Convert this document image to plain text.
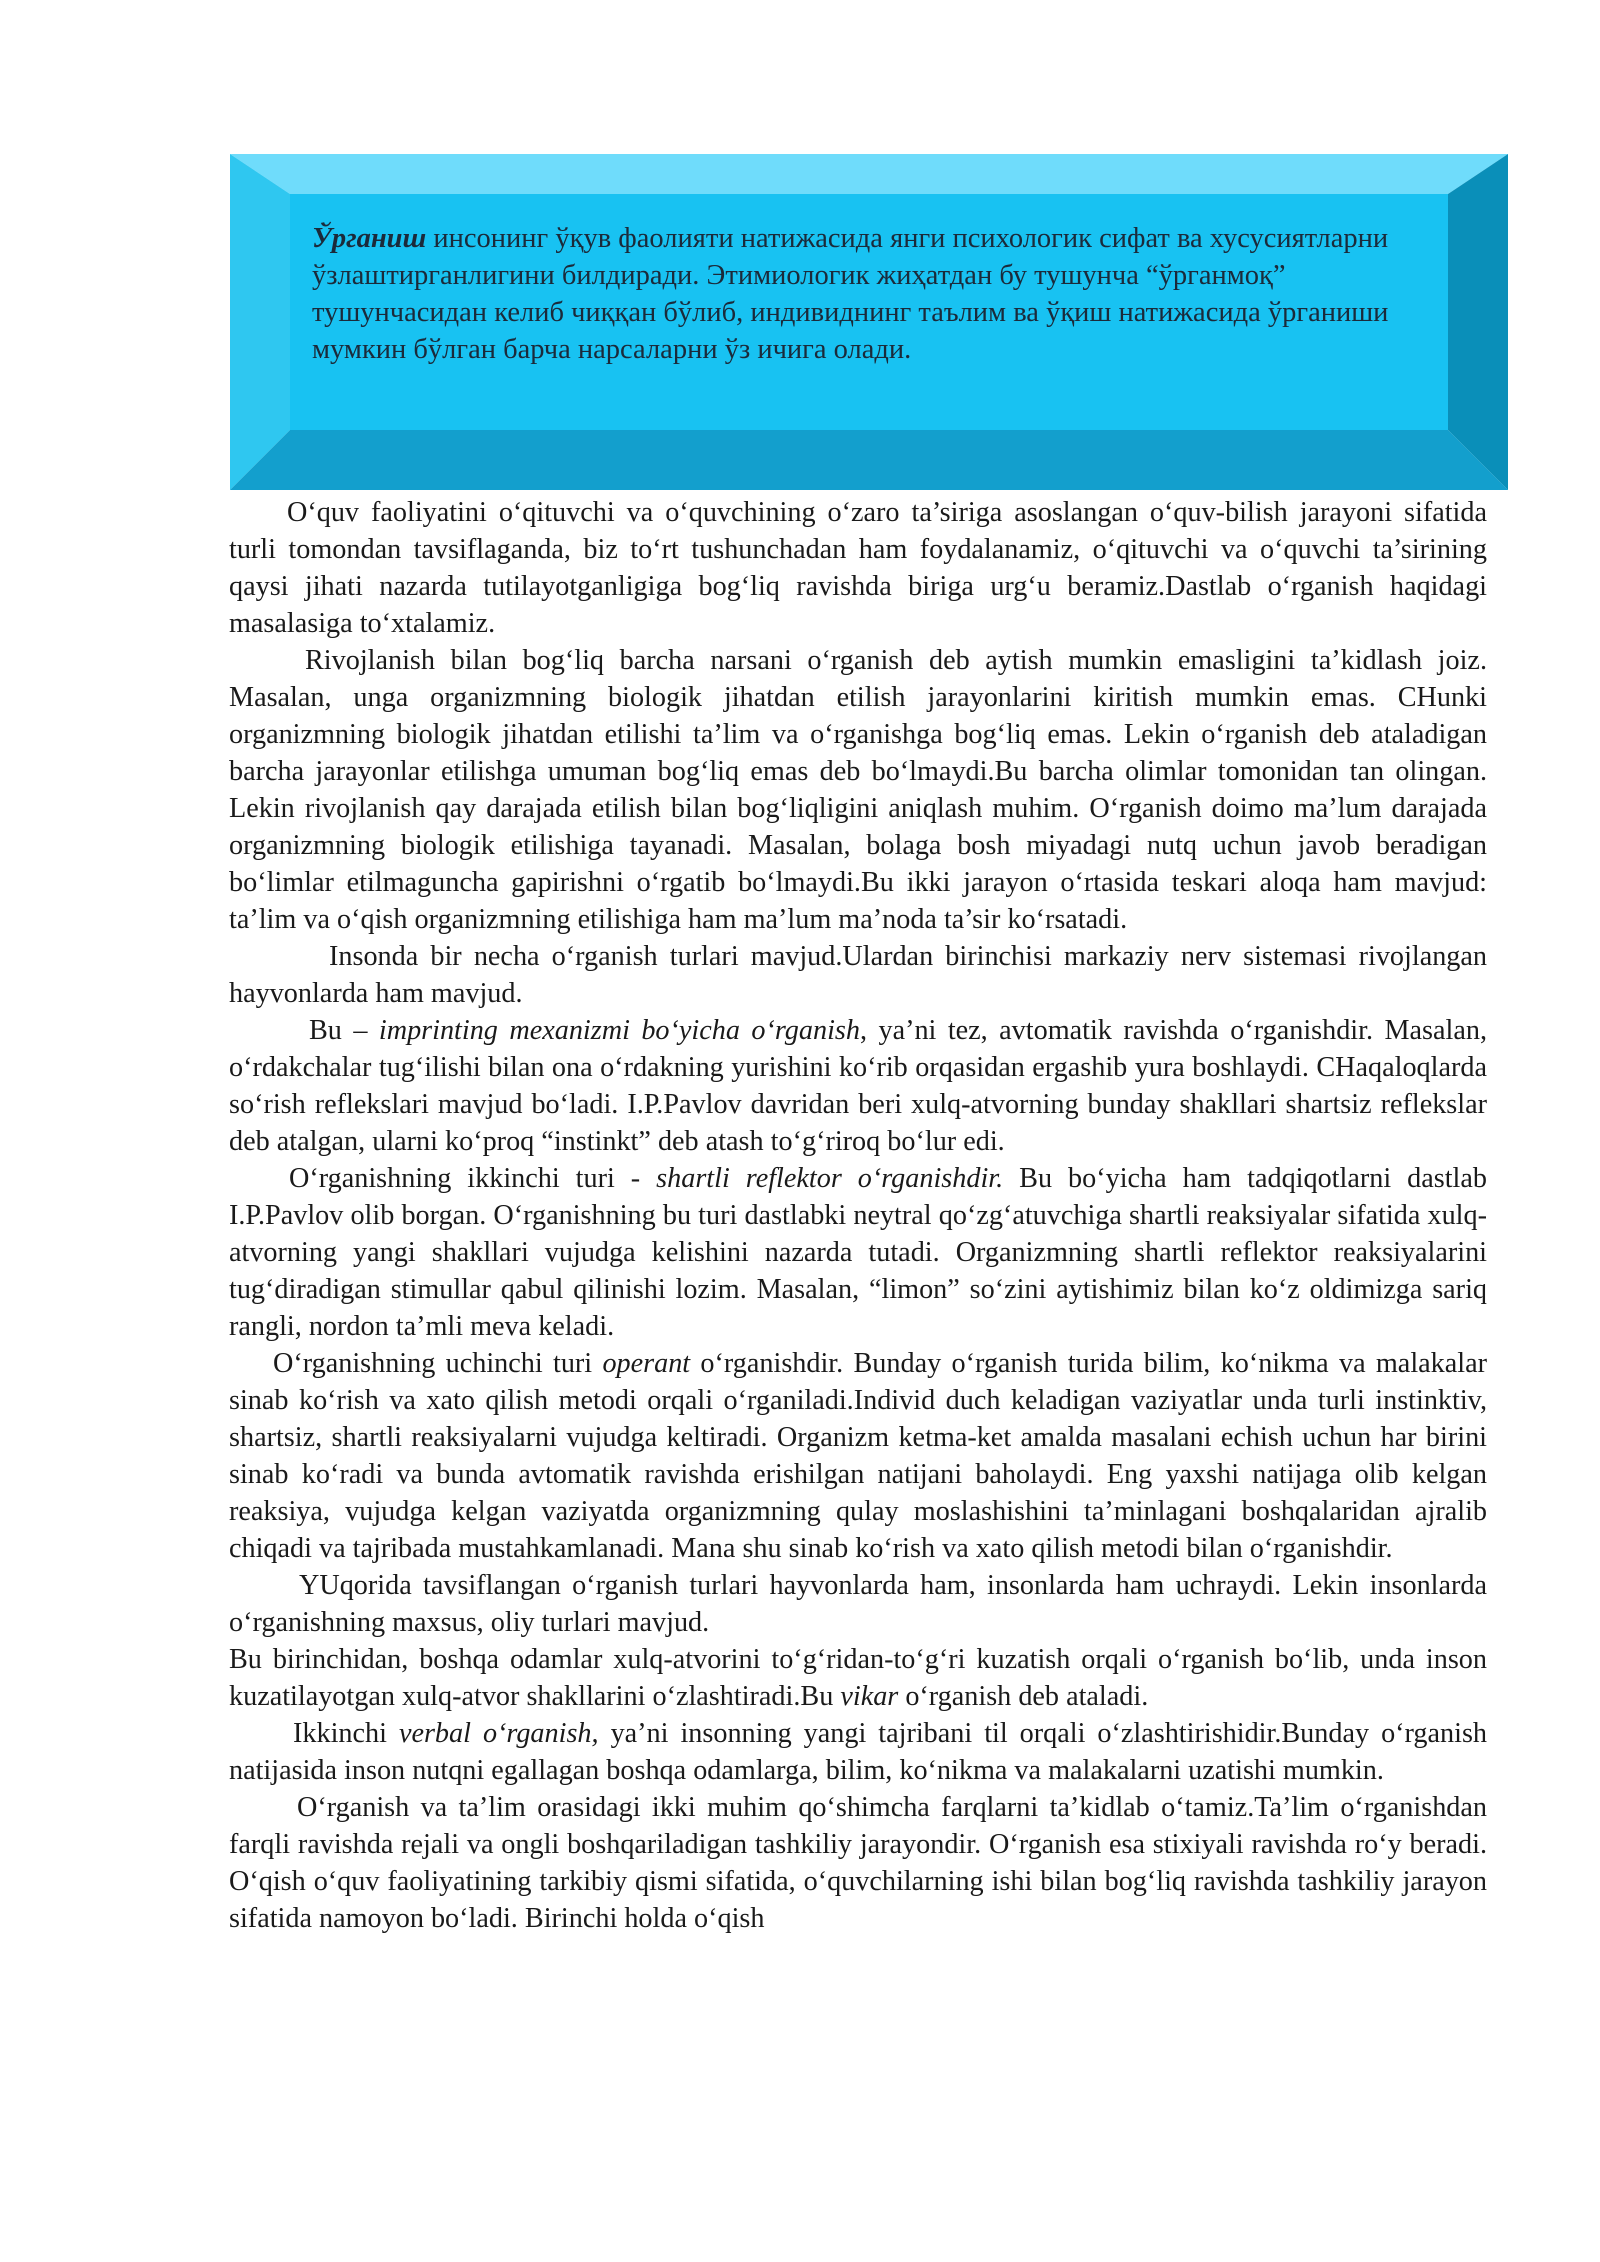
Ўрганиш инсонинг ўқув фаолияти натижасида янги психологик сифат ва хусусиятларни ўзлаштирганлигини билдиради. Этимиологик жиҳатдан бу тушунча “ўрганмоқ” тушунчасидан келиб чиққан бўлиб, индивиднинг таълим ва ўқиш натижасида ўрганиши мумкин бўлган барча нарсаларни ўз ичига олади.

O‘quv faoliyatini o‘qituvchi va o‘quvchining o‘zaro ta’siriga asoslangan o‘quv-bilish jarayoni sifatida turli tomondan tavsiflaganda, biz to‘rt tushunchadan ham foydalanamiz, o‘qituvchi va o‘quvchi ta’sirining qaysi jihati nazarda tutilayotganligiga bog‘liq ravishda biriga urg‘u beramiz.Dastlab o‘rganish haqidagi masalasiga to‘xtalamiz.

Rivojlanish bilan bog‘liq barcha narsani o‘rganish deb aytish mumkin emasligini ta’kidlash joiz. Masalan, unga organizmning biologik jihatdan etilish jarayonlarini kiritish mumkin emas. CHunki organizmning biologik jihatdan etilishi ta’lim va o‘rganishga bog‘liq emas. Lekin o‘rganish deb ataladigan barcha jarayonlar etilishga umuman bog‘liq emas deb bo‘lmaydi.Bu barcha olimlar tomonidan tan olingan. Lekin rivojlanish qay darajada etilish bilan bog‘liqligini aniqlash muhim. O‘rganish doimo ma’lum darajada organizmning biologik etilishiga tayanadi. Masalan, bolaga bosh miyadagi nutq uchun javob beradigan bo‘limlar etilmaguncha gapirishni o‘rgatib bo‘lmaydi.Bu ikki jarayon o‘rtasida teskari aloqa ham mavjud: ta’lim va o‘qish organizmning etilishiga ham ma’lum ma’noda ta’sir ko‘rsatadi.

Insonda bir necha o‘rganish turlari mavjud.Ulardan birinchisi markaziy nerv sistemasi rivojlangan hayvonlarda ham mavjud.

Bu – imprinting mexanizmi bo‘yicha o‘rganish, ya’ni tez, avtomatik ravishda o‘rganishdir. Masalan, o‘rdakchalar tug‘ilishi bilan ona o‘rdakning yurishini ko‘rib orqasidan ergashib yura boshlaydi. CHaqaloqlarda so‘rish reflekslari mavjud bo‘ladi. I.P.Pavlov davridan beri xulq-atvorning bunday shakllari shartsiz reflekslar deb atalgan, ularni ko‘proq “instinkt” deb atash to‘g‘riroq bo‘lur edi.

O‘rganishning ikkinchi turi - shartli reflektor o‘rganishdir. Bu bo‘yicha ham tadqiqotlarni dastlab I.P.Pavlov olib borgan. O‘rganishning bu turi dastlabki neytral qo‘zg‘atuvchiga shartli reaksiyalar sifatida xulq-atvorning yangi shakllari vujudga kelishini nazarda tutadi. Organizmning shartli reflektor reaksiyalarini tug‘diradigan stimullar qabul qilinishi lozim. Masalan, “limon” so‘zini aytishimiz bilan ko‘z oldimizga sariq rangli, nordon ta’mli meva keladi.

O‘rganishning uchinchi turi operant o‘rganishdir. Bunday o‘rganish turida bilim, ko‘nikma va malakalar sinab ko‘rish va xato qilish metodi orqali o‘rganiladi.Individ duch keladigan vaziyatlar unda turli instinktiv, shartsiz, shartli reaksiyalarni vujudga keltiradi. Organizm ketma-ket amalda masalani echish uchun har birini sinab ko‘radi va bunda avtomatik ravishda erishilgan natijani baholaydi. Eng yaxshi natijaga olib kelgan reaksiya, vujudga kelgan vaziyatda organizmning qulay moslashishini ta’minlagani boshqalaridan ajralib chiqadi va tajribada mustahkamlanadi. Mana shu sinab ko‘rish va xato qilish metodi bilan o‘rganishdir.

YUqorida tavsiflangan o‘rganish turlari hayvonlarda ham, insonlarda ham uchraydi. Lekin insonlarda o‘rganishning maxsus, oliy turlari mavjud.

Bu birinchidan, boshqa odamlar xulq-atvorini to‘g‘ridan-to‘g‘ri kuzatish orqali o‘rganish bo‘lib, unda inson kuzatilayotgan xulq-atvor shakllarini o‘zlashtiradi.Bu vikar o‘rganish deb ataladi.

Ikkinchi verbal o‘rganish, ya’ni insonning yangi tajribani til orqali o‘zlashtirishidir.Bunday o‘rganish natijasida inson nutqni egallagan boshqa odamlarga, bilim, ko‘nikma va malakalarni uzatishi mumkin.

O‘rganish va ta’lim orasidagi ikki muhim qo‘shimcha farqlarni ta’kidlab o‘tamiz.Ta’lim o‘rganishdan farqli ravishda rejali va ongli boshqariladigan tashkiliy jarayondir. O‘rganish esa stixiyali ravishda ro‘y beradi. O‘qish o‘quv faoliyatining tarkibiy qismi sifatida, o‘quvchilarning ishi bilan bog‘liq ravishda tashkiliy jarayon sifatida namoyon bo‘ladi. Birinchi holda o‘qish
